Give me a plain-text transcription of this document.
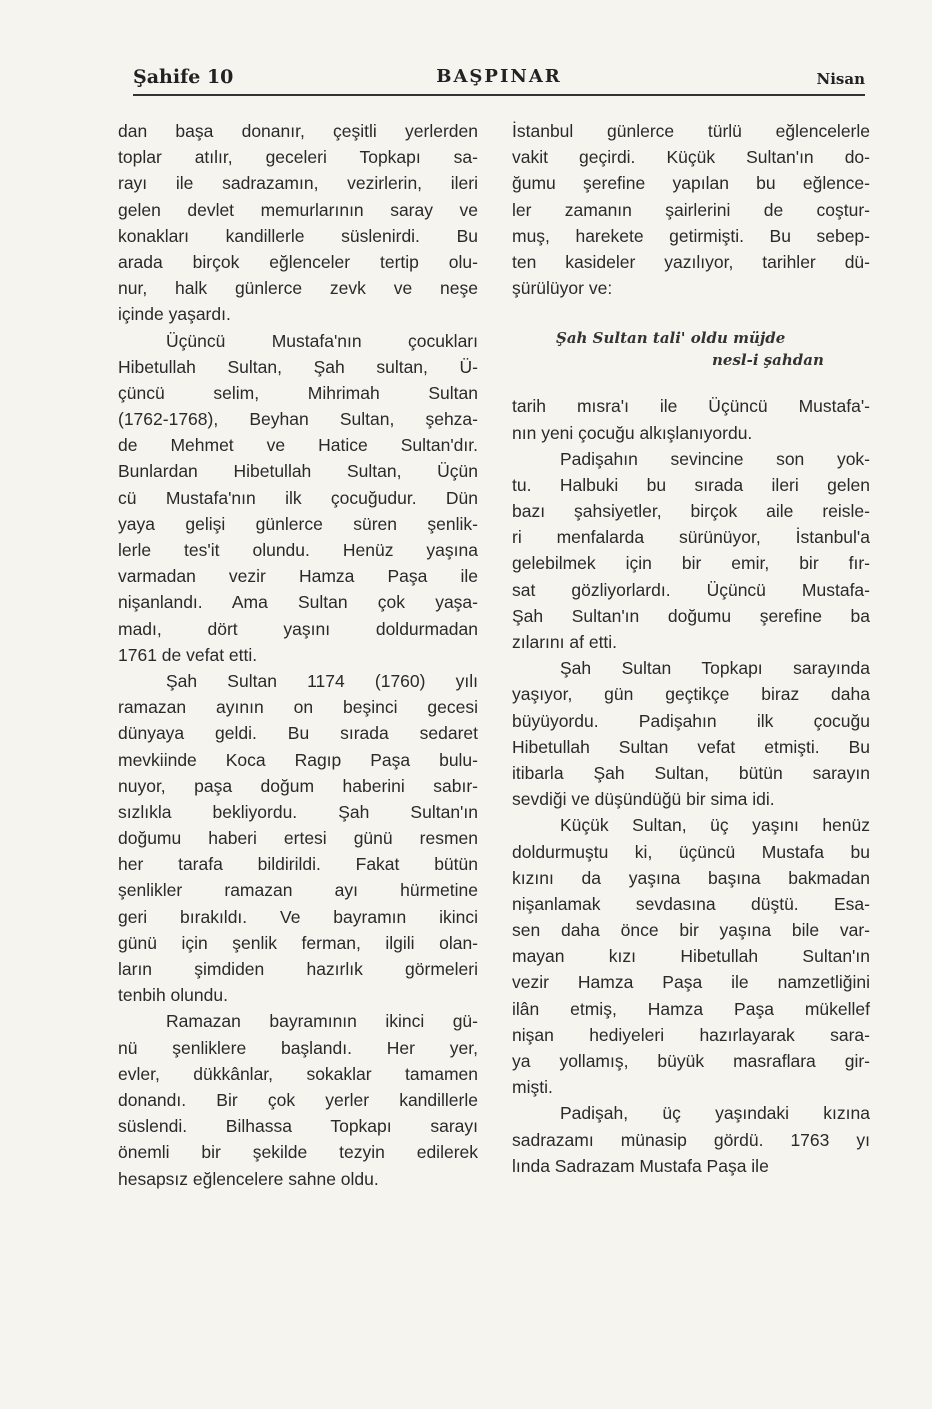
Şahife 10	BAŞPINAR	Nisan
dan başa donanır, çeşitli yerlerden
toplar atılır, geceleri Topkapı sa-
rayı ile sadrazamın, vezirlerin, ileri
gelen devlet memurlarının saray ve
konakları kandillerle süslenirdi. Bu
arada birçok eğlenceler tertip olu-
nur, halk günlerce zevk ve neşe
içinde yaşardı.
Üçüncü Mustafa'nın çocukları
Hibetullah Sultan, Şah sultan, Ü-
çüncü selim, Mihrimah Sultan
(1762-1768), Beyhan Sultan, şehza-
de Mehmet ve Hatice Sultan'dır.
Bunlardan Hibetullah Sultan, Üçün
cü Mustafa'nın ilk çocuğudur. Dün
yaya gelişi günlerce süren şenlik-
lerle tes'it olundu. Henüz yaşına
varmadan vezir Hamza Paşa ile
nişanlandı. Ama Sultan çok yaşa-
madı, dört yaşını doldurmadan
1761 de vefat etti.
Şah Sultan 1174 (1760) yılı
ramazan ayının on beşinci gecesi
dünyaya geldi. Bu sırada sedaret
mevkiinde Koca Ragıp Paşa bulu-
nuyor, paşa doğum haberini sabır-
sızlıkla bekliyordu. Şah Sultan'ın
doğumu haberi ertesi günü resmen
her tarafa bildirildi. Fakat bütün
şenlikler ramazan ayı hürmetine
geri bırakıldı. Ve bayramın ikinci
günü için şenlik ferman, ilgili olan-
ların şimdiden hazırlık görmeleri
tenbih olundu.
Ramazan bayramının ikinci gü-
nü şenliklere başlandı. Her yer,
evler, dükkânlar, sokaklar tamamen
donandı. Bir çok yerler kandillerle
süslendi. Bilhassa Topkapı sarayı
önemli bir şekilde tezyin edilerek
hesapsız eğlencelere sahne oldu.
İstanbul günlerce türlü eğlencelerle
vakit geçirdi. Küçük Sultan'ın do-
ğumu şerefine yapılan bu eğlence-
ler zamanın şairlerini de coştur-
muş, harekete getirmişti. Bu sebep-
ten kasideler yazılıyor, tarihler dü-
şürülüyor ve:
Şah Sultan tali' oldu müjde
nesl-i şahdan
tarih mısra'ı ile Üçüncü Mustafa'-
nın yeni çocuğu alkışlanıyordu.
Padişahın sevincine son yok-
tu. Halbuki bu sırada ileri gelen
bazı şahsiyetler, birçok aile reisle-
ri menfalarda sürünüyor, İstanbul'a
gelebilmek için bir emir, bir fır-
sat gözliyorlardı. Üçüncü Mustafa-
Şah Sultan'ın doğumu şerefine ba
zılarını af etti.
Şah Sultan Topkapı sarayında
yaşıyor, gün geçtikçe biraz daha
büyüyordu. Padişahın ilk çocuğu
Hibetullah Sultan vefat etmişti. Bu
itibarla Şah Sultan, bütün sarayın
sevdiği ve düşündüğü bir sima idi.
Küçük Sultan, üç yaşını henüz
doldurmuştu ki, üçüncü Mustafa bu
kızını da yaşına başına bakmadan
nişanlamak sevdasına düştü. Esa-
sen daha önce bir yaşına bile var-
mayan kızı Hibetullah Sultan'ın
vezir Hamza Paşa ile namzetliğini
ilân etmiş, Hamza Paşa mükellef
nişan hediyeleri hazırlayarak sara-
ya yollamış, büyük masraflara gir-
mişti.
Padişah, üç yaşındaki kızına
sadrazamı münasip gördü. 1763 yı
lında Sadrazam Mustafa Paşa ile
